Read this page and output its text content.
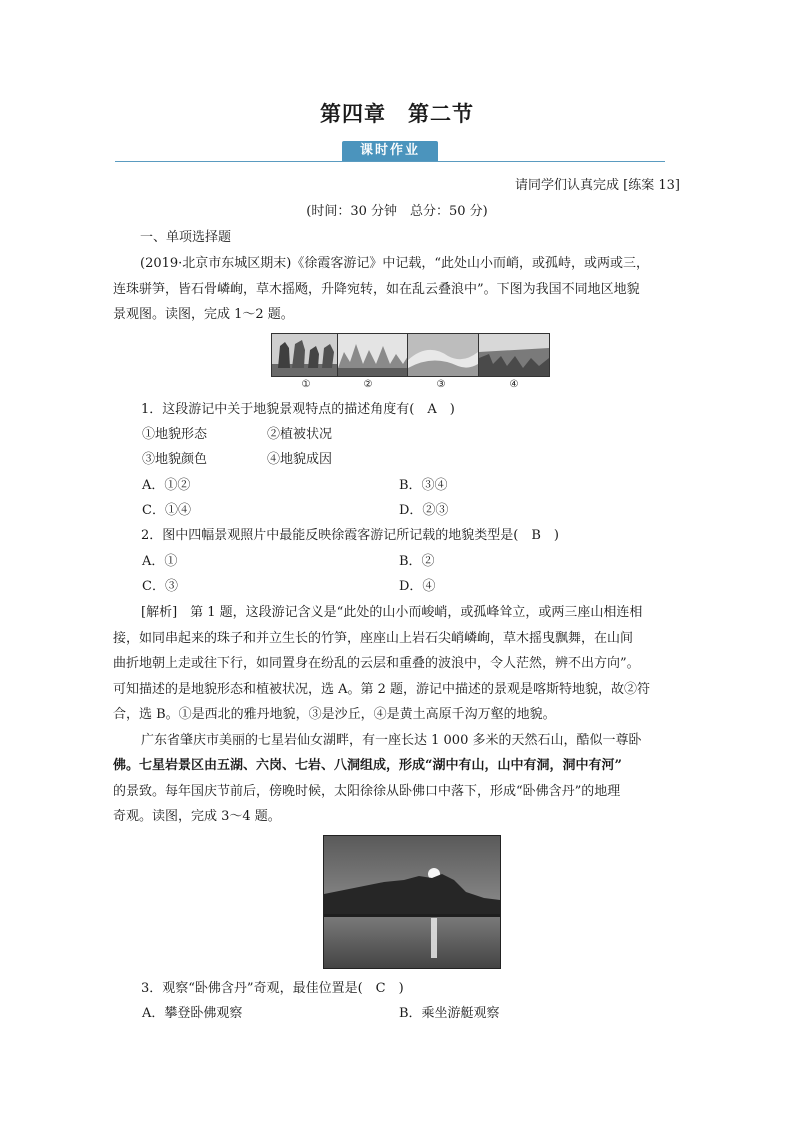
第四章　第二节
课时作业
请同学们认真完成 [练案 13]
(时间：30 分钟　总分：50 分)
一、单项选择题
(2019·北京市东城区期末)《徐霞客游记》中记载，“此处山小而峭，或孤峙，或两或三，
连珠骈笋，皆石骨嶙峋，草木摇飏，升降宛转，如在乱云叠浪中”。下图为我国不同地区地貌
景观图。读图，完成 1～2 题。
①	②	③	④
1．这段游记中关于地貌景观特点的描述角度有(　A　)
①地貌形态	②植被状况
③地貌颜色	④地貌成因
A．①②	B．③④
C．①④	D．②③
2．图中四幅景观照片中最能反映徐霞客游记所记载的地貌类型是(　B　)
A．①	B．②
C．③	D．④
[解析]　第 1 题，这段游记含义是“此处的山小而峻峭，或孤峰耸立，或两三座山相连相
接，如同串起来的珠子和并立生长的竹笋，座座山上岩石尖峭嶙峋，草木摇曳飘舞，在山间
曲折地朝上走或往下行，如同置身在纷乱的云层和重叠的波浪中，令人茫然，辨不出方向”。
可知描述的是地貌形态和植被状况，选 A。第 2 题，游记中描述的景观是喀斯特地貌，故②符
合，选 B。①是西北的雅丹地貌，③是沙丘，④是黄土高原千沟万壑的地貌。
广东省肇庆市美丽的七星岩仙女湖畔，有一座长达 1 000 多米的天然石山，酷似一尊卧
佛。七星岩景区由五湖、六岗、七岩、八洞组成，形成“湖中有山，山中有洞，洞中有河”
的景致。每年国庆节前后，傍晚时候，太阳徐徐从卧佛口中落下，形成“卧佛含丹”的地理
奇观。读图，完成 3～4 题。
3．观察“卧佛含丹”奇观，最佳位置是(　C　)
A．攀登卧佛观察	B．乘坐游艇观察
